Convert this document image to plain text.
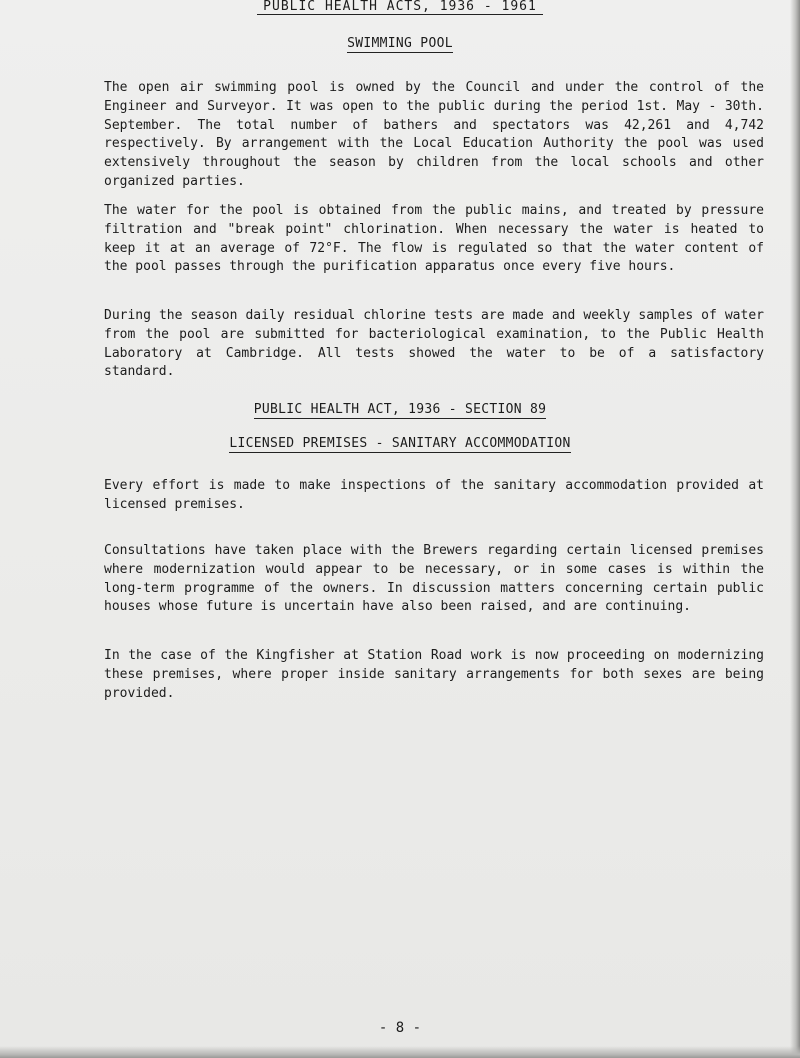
PUBLIC HEALTH ACTS, 1936 - 1961
SWIMMING POOL

The open air swimming pool is owned by the Council and under the control of the Engineer and Surveyor. It was open to the public during the period 1st. May - 30th. September. The total number of bathers and spectators was 42,261 and 4,742 respectively. By arrangement with the Local Education Authority the pool was used extensively throughout the season by children from the local schools and other organized parties.

The water for the pool is obtained from the public mains, and treated by pressure filtration and "break point" chlorination. When necessary the water is heated to keep it at an average of 72°F. The flow is regulated so that the water content of the pool passes through the purification apparatus once every five hours.

During the season daily residual chlorine tests are made and weekly samples of water from the pool are submitted for bacteriological examination, to the Public Health Laboratory at Cambridge. All tests showed the water to be of a satisfactory standard.

PUBLIC HEALTH ACT, 1936 - SECTION 89
LICENSED PREMISES - SANITARY ACCOMMODATION

Every effort is made to make inspections of the sanitary accommodation provided at licensed premises.

Consultations have taken place with the Brewers regarding certain licensed premises where modernization would appear to be necessary, or in some cases is within the long-term programme of the owners. In discussion matters concerning certain public houses whose future is uncertain have also been raised, and are continuing.

In the case of the Kingfisher at Station Road work is now proceeding on modernizing these premises, where proper inside sanitary arrangements for both sexes are being provided.

- 8 -
